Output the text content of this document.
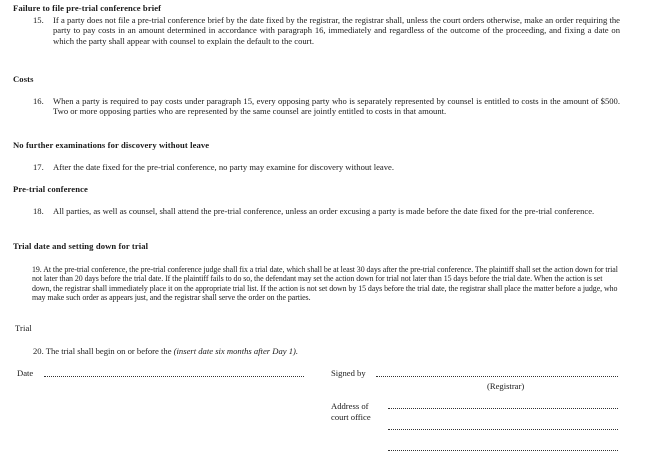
Failure to file pre-trial conference brief
15. If a party does not file a pre-trial conference brief by the date fixed by the registrar, the registrar shall, unless the court orders otherwise, make an order requiring the party to pay costs in an amount determined in accordance with paragraph 16, immediately and regardless of the outcome of the proceeding, and fixing a date on which the party shall appear with counsel to explain the default to the court.
Costs
16. When a party is required to pay costs under paragraph 15, every opposing party who is separately represented by counsel is entitled to costs in the amount of $500. Two or more opposing parties who are represented by the same counsel are jointly entitled to costs in that amount.
No further examinations for discovery without leave
17. After the date fixed for the pre-trial conference, no party may examine for discovery without leave.
Pre-trial conference
18. All parties, as well as counsel, shall attend the pre-trial conference, unless an order excusing a party is made before the date fixed for the pre-trial conference.
Trial date and setting down for trial
19. At the pre-trial conference, the pre-trial conference judge shall fix a trial date, which shall be at least 30 days after the pre-trial conference. The plaintiff shall set the action down for trial not later than 20 days before the trial date. If the plaintiff fails to do so, the defendant may set the action down for trial not later than 15 days before the trial date. When the action is set down, the registrar shall immediately place it on the appropriate trial list. If the action is not set down by 15 days before the trial date, the registrar shall place the matter before a judge, who may make such order as appears just, and the registrar shall serve the order on the parties.
Trial
20. The trial shall begin on or before the (insert date six months after Day 1).
Date	Signed by
(Registrar)
Address of
court office
